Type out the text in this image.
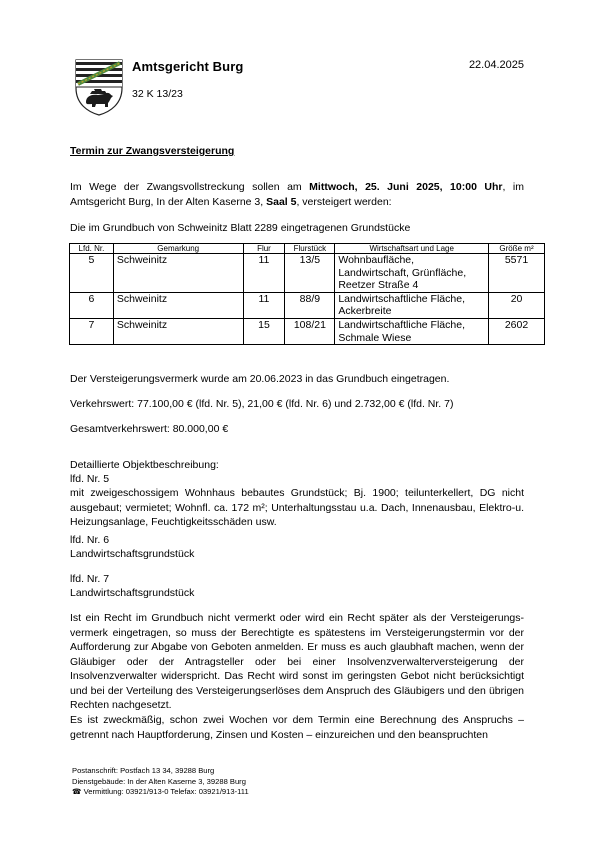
Amtsgericht Burg
32 K 13/23
22.04.2025
Termin zur Zwangsversteigerung
Im Wege der Zwangsvollstreckung sollen am Mittwoch, 25. Juni 2025, 10:00 Uhr, im Amtsgericht Burg, In der Alten Kaserne 3, Saal 5, versteigert werden:
Die im Grundbuch von Schweinitz Blatt 2289 eingetragenen Grundstücke
Lfd. Nr.	Gemarkung	Flur	Flurstück	Wirtschaftsart und Lage	Größe m²
5	Schweinitz	11	13/5	Wohnbaufläche,
Landwirtschaft, Grünfläche,
Reetzer Straße 4	5571
6	Schweinitz	11	88/9	Landwirtschaftliche Fläche,
Ackerbreite	20
7	Schweinitz	15	108/21	Landwirtschaftliche Fläche,
Schmale Wiese	2602
Der Versteigerungsvermerk wurde am 20.06.2023 in das Grundbuch eingetragen.
Verkehrswert: 77.100,00 € (lfd. Nr. 5), 21,00 € (lfd. Nr. 6) und 2.732,00 € (lfd. Nr. 7)
Gesamtverkehrswert: 80.000,00 €
Detaillierte Objektbeschreibung:
lfd. Nr. 5
mit zweigeschossigem Wohnhaus bebautes Grundstück; Bj. 1900; teilunterkellert, DG nicht ausgebaut; vermietet; Wohnfl. ca. 172 m²; Unterhaltungsstau u.a. Dach, Innenausbau, Elektro-u. Heizungsanlage, Feuchtigkeitsschäden usw.
lfd. Nr. 6
Landwirtschaftsgrundstück
lfd. Nr. 7
Landwirtschaftsgrundstück
Ist ein Recht im Grundbuch nicht vermerkt oder wird ein Recht später als der Versteigerungs-vermerk eingetragen, so muss der Berechtigte es spätestens im Versteigerungstermin vor der Aufforderung zur Abgabe von Geboten anmelden. Er muss es auch glaubhaft machen, wenn der Gläubiger oder der Antragsteller oder bei einer Insolvenzverwalterversteigerung der Insolvenzverwalter widerspricht. Das Recht wird sonst im geringsten Gebot nicht berücksichtigt und bei der Verteilung des Versteigerungserlöses dem Anspruch des Gläubigers und den übrigen Rechten nachgesetzt.
Es ist zweckmäßig, schon zwei Wochen vor dem Termin eine Berechnung des Anspruchs – getrennt nach Hauptforderung, Zinsen und Kosten – einzureichen und den beanspruchten
Postanschrift: Postfach 13 34, 39288 Burg
Dienstgebäude: In der Alten Kaserne 3, 39288 Burg
☎ Vermittlung: 03921/913-0 Telefax: 03921/913-111
